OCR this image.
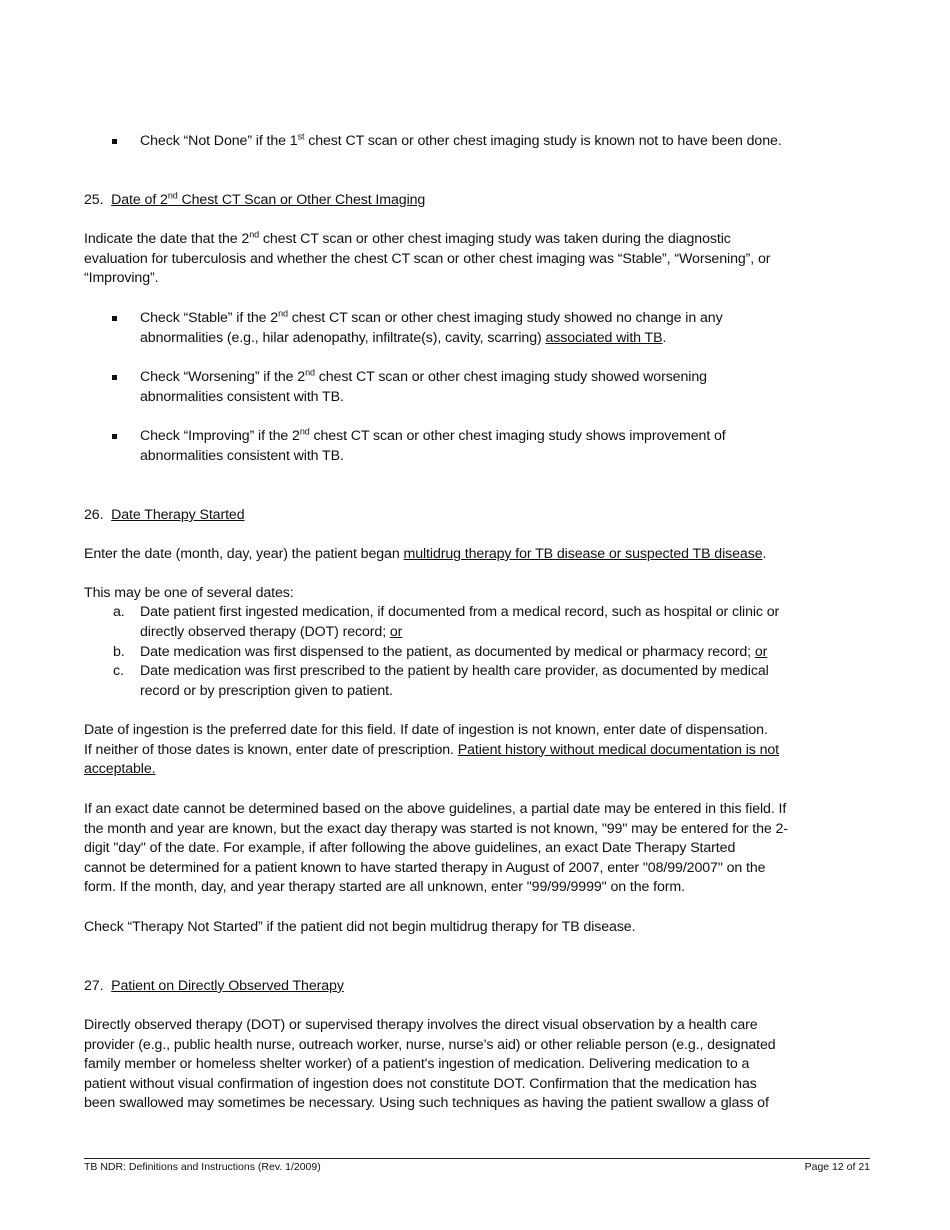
Check “Not Done” if the 1st chest CT scan or other chest imaging study is known not to have been done.

25. Date of 2nd Chest CT Scan or Other Chest Imaging

Indicate the date that the 2nd chest CT scan or other chest imaging study was taken during the diagnostic
evaluation for tuberculosis and whether the chest CT scan or other chest imaging was “Stable”, “Worsening”, or
“Improving”.

Check “Stable” if the 2nd chest CT scan or other chest imaging study showed no change in any
abnormalities (e.g., hilar adenopathy, infiltrate(s), cavity, scarring) associated with TB.

Check “Worsening” if the 2nd chest CT scan or other chest imaging study showed worsening
abnormalities consistent with TB.

Check “Improving” if the 2nd chest CT scan or other chest imaging study shows improvement of
abnormalities consistent with TB.

26. Date Therapy Started

Enter the date (month, day, year) the patient began multidrug therapy for TB disease or suspected TB disease.

This may be one of several dates:

a. Date patient first ingested medication, if documented from a medical record, such as hospital or clinic or
directly observed therapy (DOT) record; or

b. Date medication was first dispensed to the patient, as documented by medical or pharmacy record; or

c. Date medication was first prescribed to the patient by health care provider, as documented by medical
record or by prescription given to patient.

Date of ingestion is the preferred date for this field. If date of ingestion is not known, enter date of dispensation.
If neither of those dates is known, enter date of prescription. Patient history without medical documentation is not
acceptable.

If an exact date cannot be determined based on the above guidelines, a partial date may be entered in this field. If
the month and year are known, but the exact day therapy was started is not known, "99" may be entered for the 2-
digit "day" of the date. For example, if after following the above guidelines, an exact Date Therapy Started
cannot be determined for a patient known to have started therapy in August of 2007, enter "08/99/2007" on the
form. If the month, day, and year therapy started are all unknown, enter "99/99/9999" on the form.

Check “Therapy Not Started” if the patient did not begin multidrug therapy for TB disease.

27. Patient on Directly Observed Therapy

Directly observed therapy (DOT) or supervised therapy involves the direct visual observation by a health care
provider (e.g., public health nurse, outreach worker, nurse, nurse’s aid) or other reliable person (e.g., designated
family member or homeless shelter worker) of a patient's ingestion of medication. Delivering medication to a
patient without visual confirmation of ingestion does not constitute DOT. Confirmation that the medication has
been swallowed may sometimes be necessary. Using such techniques as having the patient swallow a glass of

TB NDR: Definitions and Instructions (Rev. 1/2009)	Page 12 of 21
